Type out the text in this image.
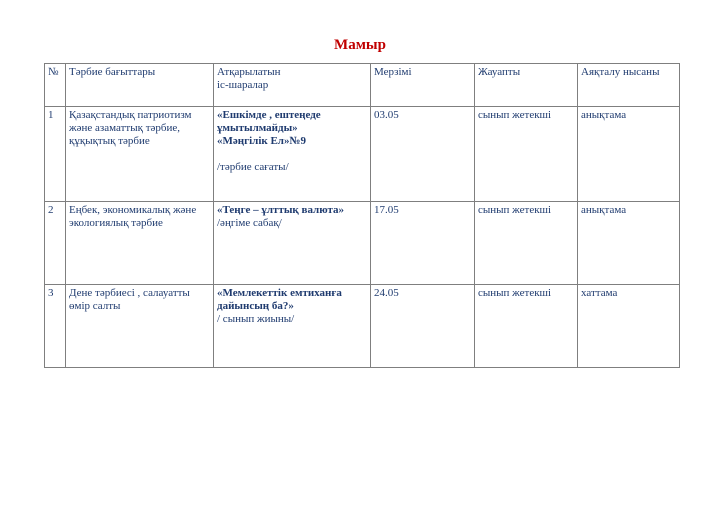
Мамыр
№	Тәрбие бағыттары	Атқарылатын
іс-шаралар	Мерзімі	Жауапты	Аяқталу нысаны
1	Қазақстандық патриотизм және азаматтық тәрбие, құқықтық тәрбие	«Ешкімде , ештеңеде ұмытылмайды»
«Мәңгілік Ел»№9
/тәрбие сағаты/	03.05	сынып жетекші	анықтама
2	Еңбек, экономикалық және экологиялық тәрбие	«Теңге – ұлттық валюта»
/әңгіме сабақ/	17.05	сынып жетекші	анықтама
3	Дене тәрбиесі , салауатты өмір салты	«Мемлекеттік емтиханға дайынсың ба?»
/ сынып жиыны/	24.05	сынып жетекші	хаттама
